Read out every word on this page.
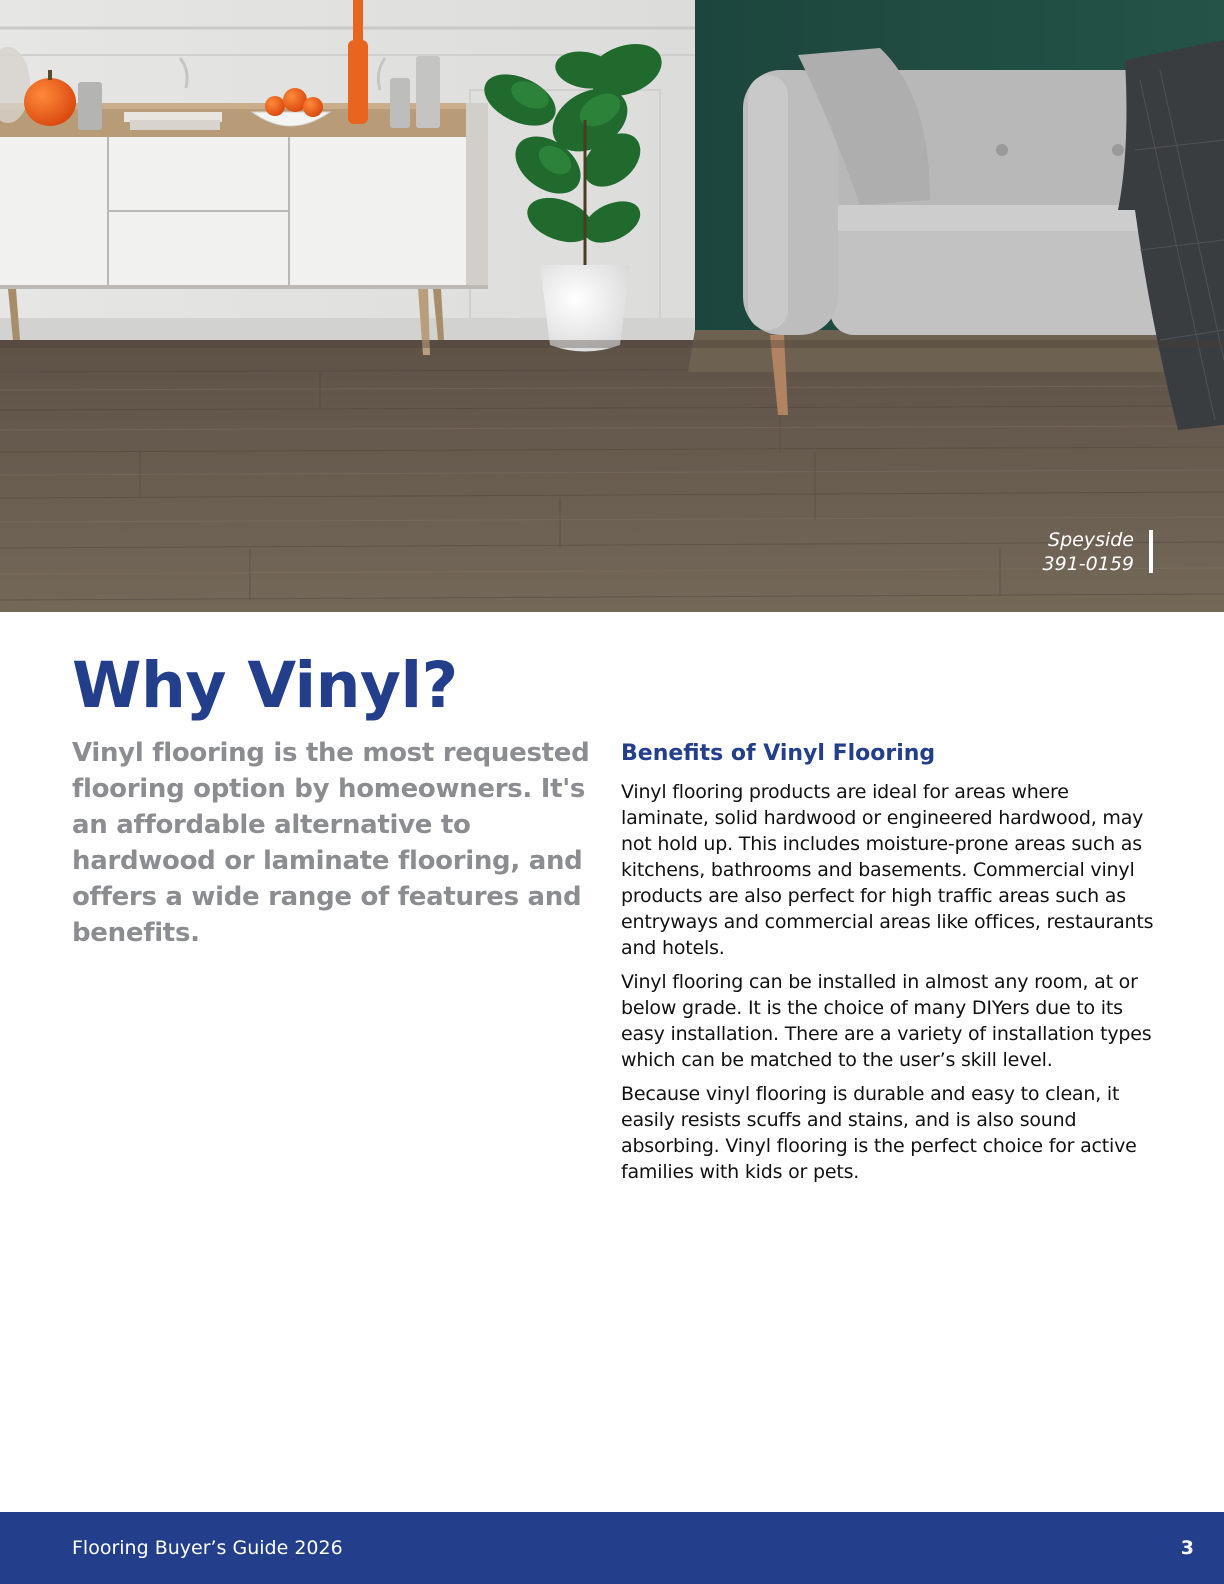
Speyside
391-0159
Why Vinyl?

Vinyl flooring is the most requested flooring option by homeowners. It's an affordable alternative to hardwood or laminate flooring, and offers a wide range of features and benefits.

Benefits of Vinyl Flooring

Vinyl flooring products are ideal for areas where laminate, solid hardwood or engineered hardwood, may not hold up. This includes moisture-prone areas such as kitchens, bathrooms and basements. Commercial vinyl products are also perfect for high traffic areas such as entryways and commercial areas like offices, restaurants and hotels.

Vinyl flooring can be installed in almost any room, at or below grade. It is the choice of many DIYers due to its easy installation. There are a variety of installation types which can be matched to the user’s skill level.

Because vinyl flooring is durable and easy to clean, it easily resists scuffs and stains, and is also sound absorbing. Vinyl flooring is the perfect choice for active families with kids or pets.

Flooring Buyer’s Guide 2026	3
